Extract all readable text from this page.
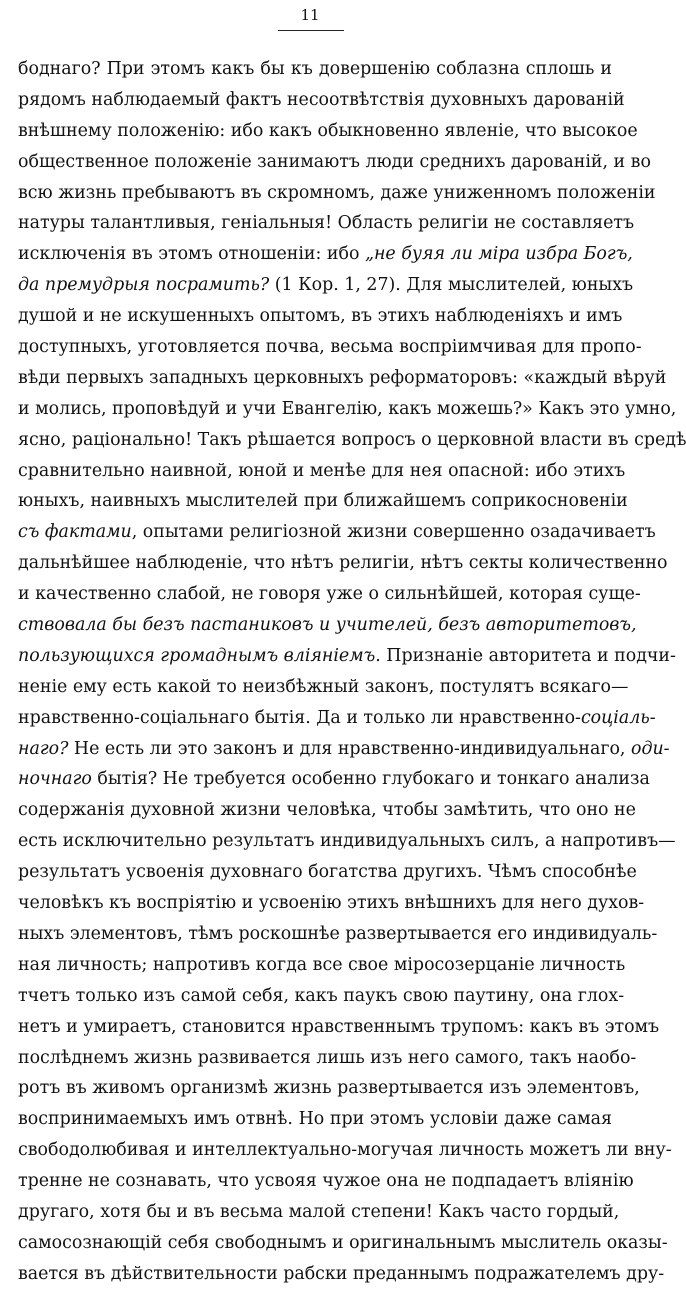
11
боднаго? При этомъ какъ бы къ довершенію соблазна сплошь и
рядомъ наблюдаемый фактъ несоотвѣтствія духовныхъ дарованій
внѣшнему положенію: ибо какъ обыкновенно явленіе, что высокое
общественное положеніе занимаютъ люди среднихъ дарованій, и во
всю жизнь пребываютъ въ скромномъ, даже униженномъ положеніи
натуры талантливыя, геніальныя! Область религіи не составляетъ
исключенія въ этомъ отношеніи: ибо „не буяя ли міра избра Богъ,
да премудрыя посрамить? (1 Кор. 1, 27). Для мыслителей, юныхъ
душой и не искушенныхъ опытомъ, въ этихъ наблюденіяхъ и имъ
доступныхъ, уготовляется почва, весьма воспріимчивая для пропо-
вѣди первыхъ западныхъ церковныхъ реформаторовъ: «каждый вѣруй
и молись, проповѣдуй и учи Евангелію, какъ можешь?» Какъ это умно,
ясно, раціонально! Такъ рѣшается вопросъ о церковной власти въ средѣ
сравнительно наивной, юной и менѣе для нея опасной: ибо этихъ
юныхъ, наивныхъ мыслителей при ближайшемъ соприкосновеніи
съ фактами, опытами религіозной жизни совершенно озадачиваетъ
дальнѣйшее наблюденіе, что нѣтъ религіи, нѣтъ секты количественно
и качественно слабой, не говоря уже о сильнѣйшей, которая суще-
ствовала бы безъ пастаниковъ и учителей, безъ авторитетовъ,
пользующихся громаднымъ вліяніемъ. Признаніе авторитета и подчи-
неніе ему есть какой то неизбѣжный законъ, постулятъ всякаго—
нравственно-соціальнаго бытія. Да и только ли нравственно-соціаль-
наго? Не есть ли это законъ и для нравственно-индивидуальнаго, оди-
ночнаго бытія? Не требуется особенно глубокаго и тонкаго анализа
содержанія духовной жизни человѣка, чтобы замѣтить, что оно не
есть исключительно результатъ индивидуальныхъ силъ, а напротивъ—
результатъ усвоенія духовнаго богатства другихъ. Чѣмъ способнѣе
человѣкъ къ воспріятію и усвоенію этихъ внѣшнихъ для него духов-
ныхъ элементовъ, тѣмъ роскошнѣе развертывается его индивидуаль-
ная личность; напротивъ когда все свое міросозерцаніе личность
тчетъ только изъ самой себя, какъ паукъ свою паутину, она глох-
нетъ и умираетъ, становится нравственнымъ трупомъ: какъ въ этомъ
послѣднемъ жизнь развивается лишь изъ него самого, такъ наобо-
ротъ въ живомъ организмѣ жизнь развертывается изъ элементовъ,
воспринимаемыхъ имъ отвнѣ. Но при этомъ условіи даже самая
свободолюбивая и интеллектуально-могучая личность можетъ ли вну-
тренне не сознавать, что усвояя чужое она не подпадаетъ вліянію
другаго, хотя бы и въ весьма малой степени! Какъ часто гордый,
самосознающій себя свободнымъ и оригинальнымъ мыслитель оказы-
вается въ дѣйствительности рабски преданнымъ подражателемъ дру-
